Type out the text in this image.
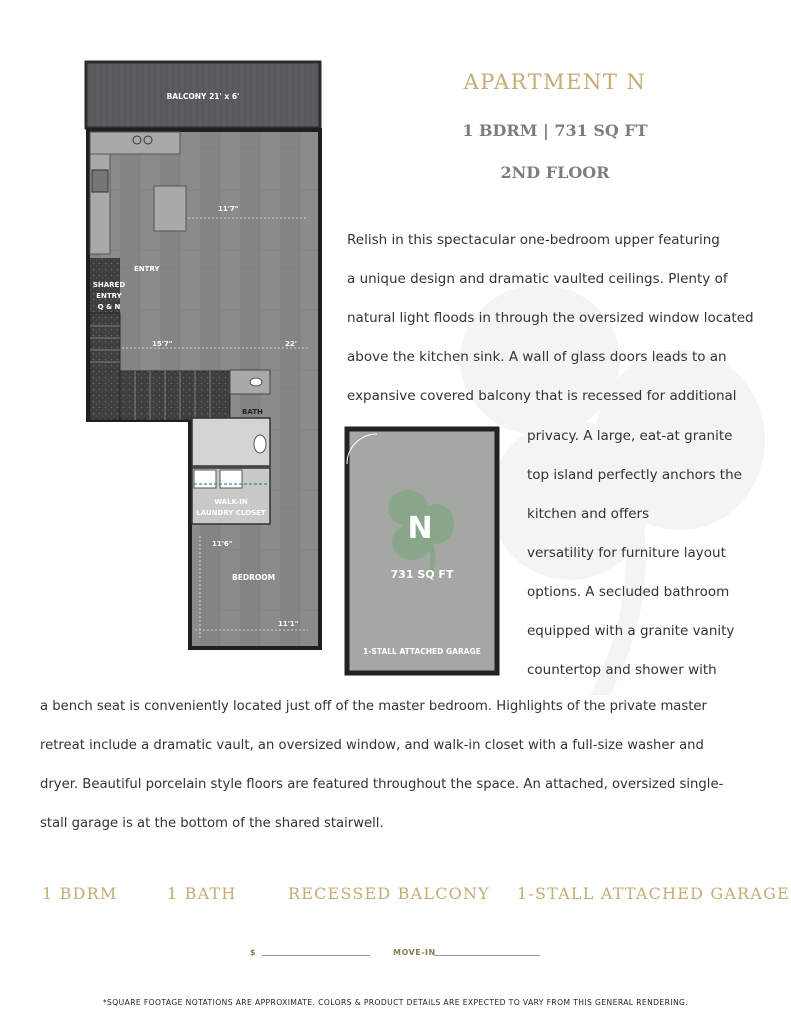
APARTMENT N
1 BDRM | 731 SQ FT
2ND FLOOR
BALCONY 21' x 6'
11'7"
ENTRY
SHARED
ENTRY
Q & N
15'7"	22'
BATH
WALK-IN
LAUNDRY CLOSET
11'6"
BEDROOM
11'1"
N
731 SQ FT
1-STALL ATTACHED GARAGE
Relish in this spectacular one-bedroom upper featuring
a unique design and dramatic vaulted ceilings. Plenty of
natural light floods in through the oversized window located
above the kitchen sink. A wall of glass doors leads to an
expansive covered balcony that is recessed for additional
privacy. A large, eat-at granite
top island perfectly anchors the
kitchen and offers
versatility for furniture layout
options. A secluded bathroom
equipped with a granite vanity
countertop and shower with
a bench seat is conveniently located just off of the master bedroom. Highlights of the private master
retreat include a dramatic vault, an oversized window, and walk-in closet with a full-size washer and
dryer. Beautiful porcelain style floors are featured throughout the space. An attached, oversized single-
stall garage is at the bottom of the shared stairwell.
1 BDRM	1 BATH	RECESSED BALCONY 1-STALL ATTACHED GARAGE
$	MOVE-IN
*SQUARE FOOTAGE NOTATIONS ARE APPROXIMATE. COLORS & PRODUCT DETAILS ARE EXPECTED TO VARY FROM THIS GENERAL RENDERING.
